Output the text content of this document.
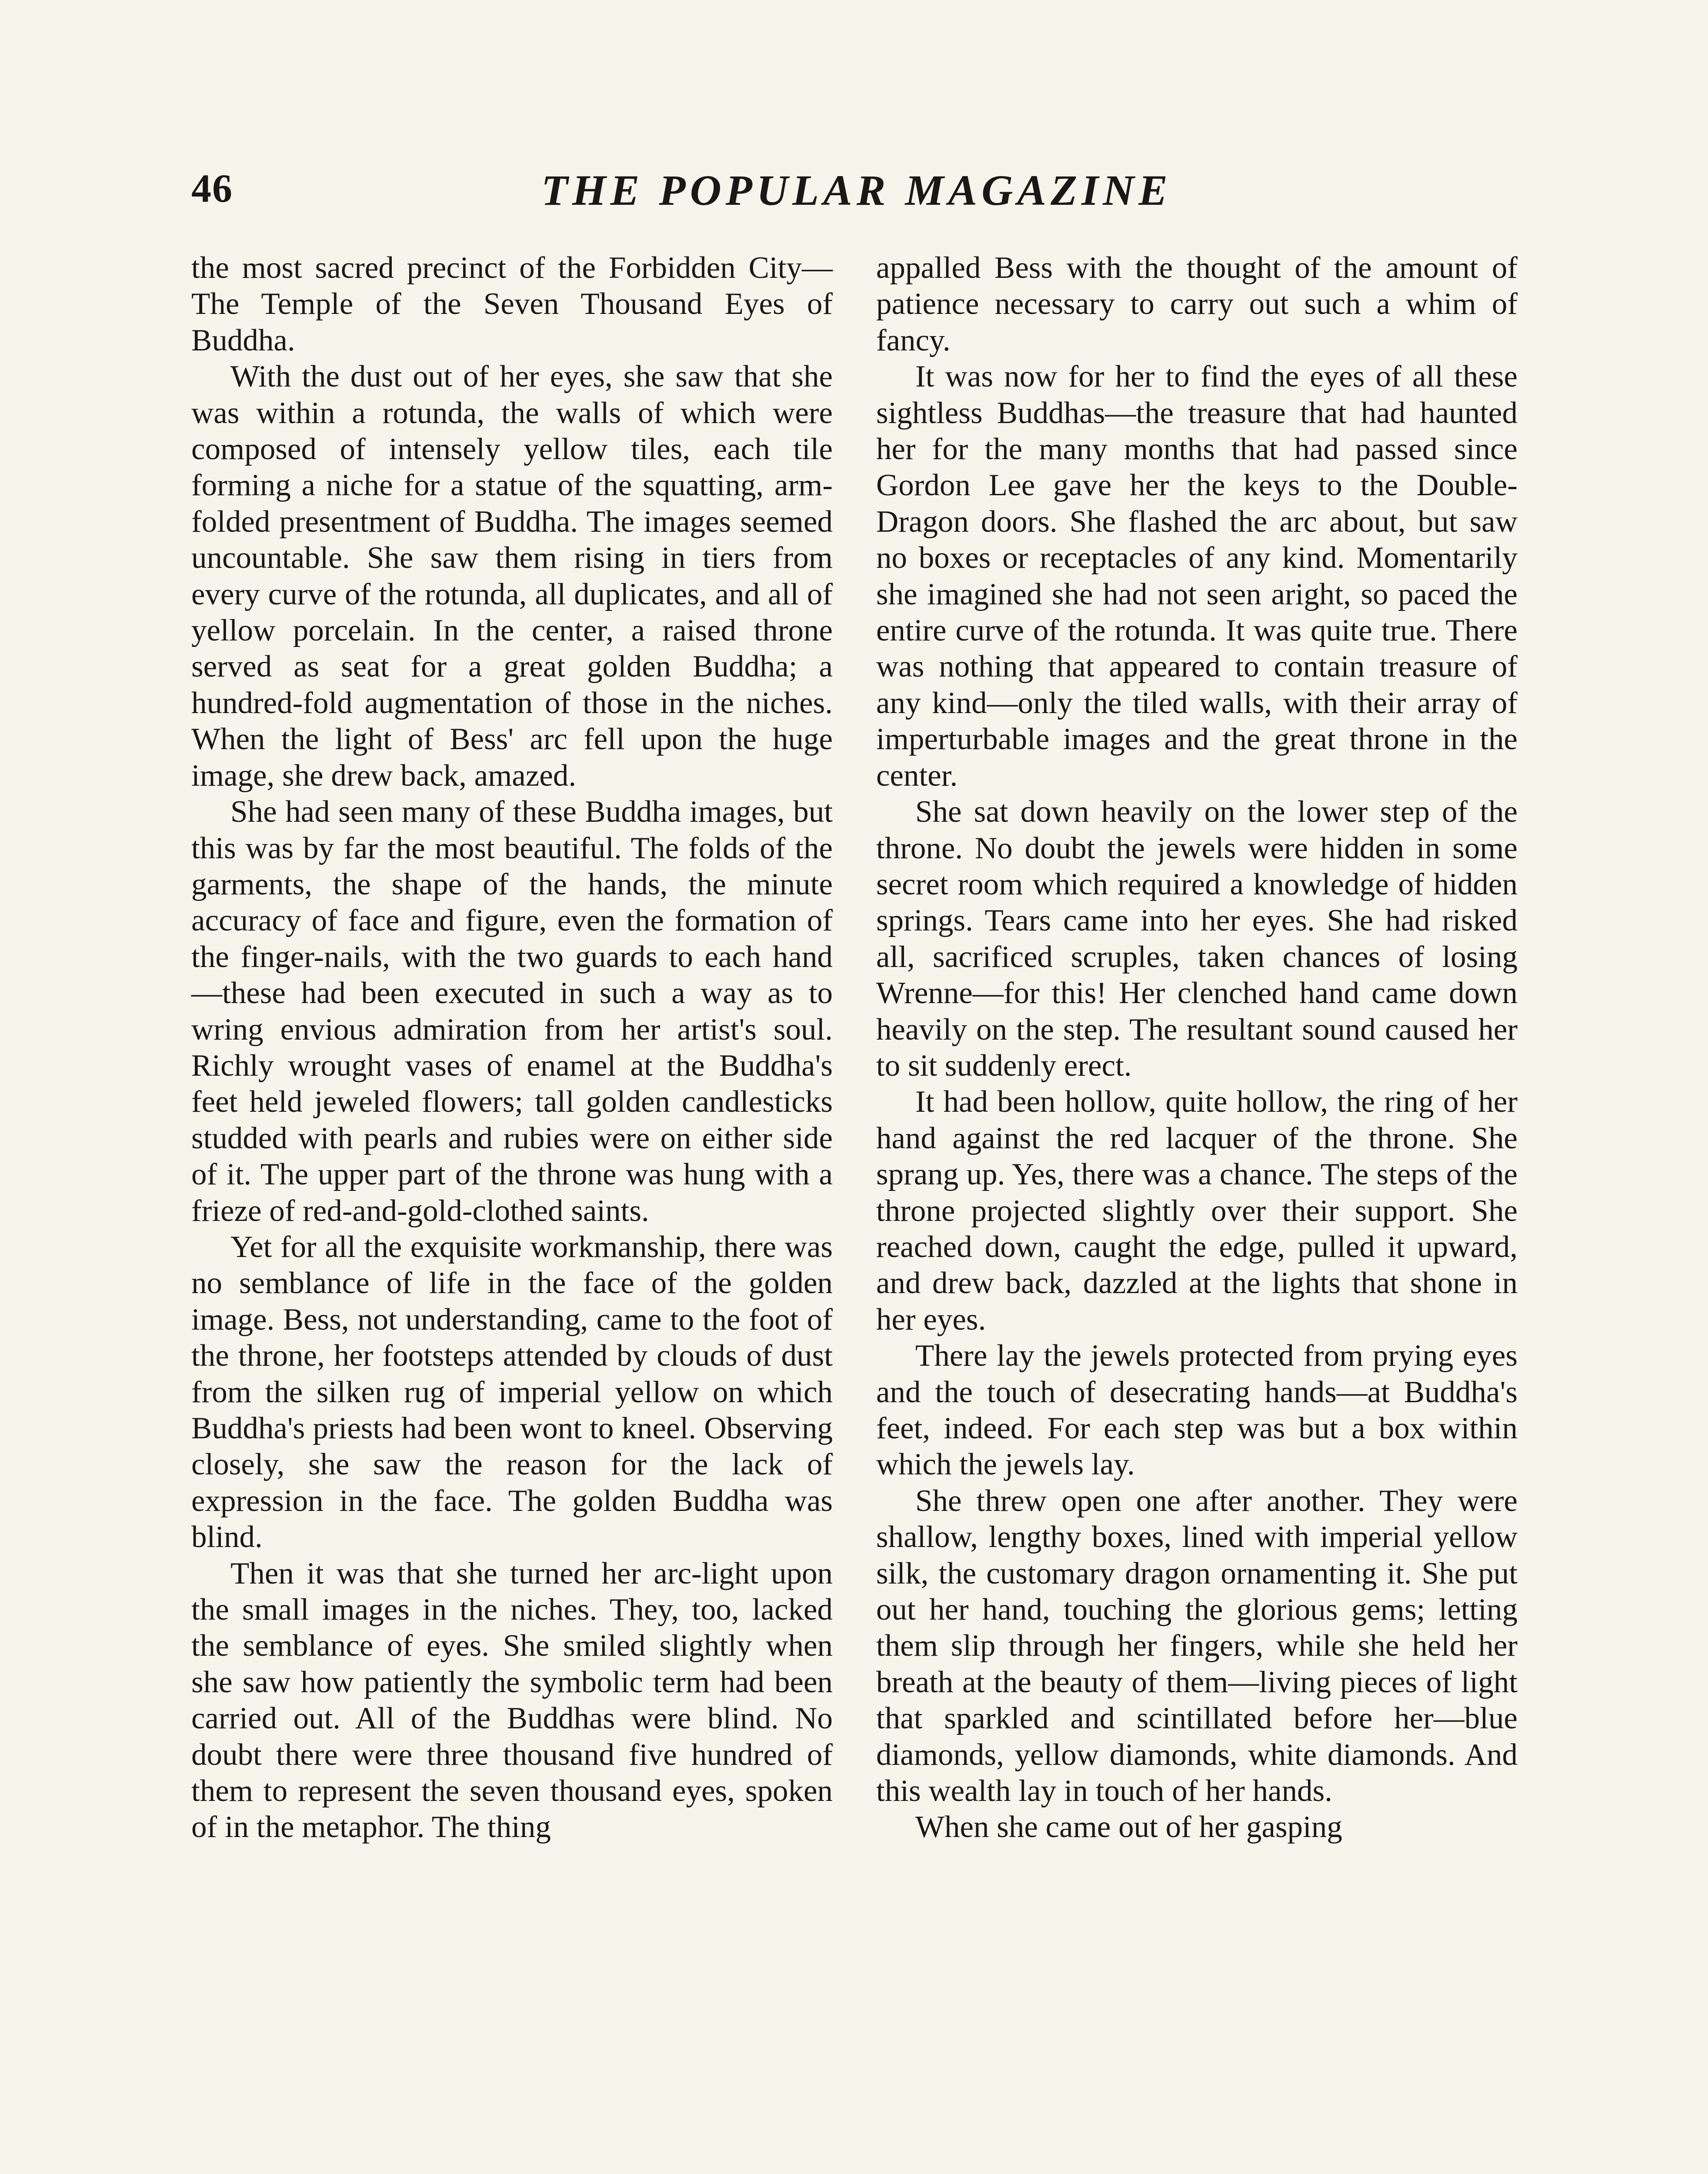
46	THE POPULAR MAGAZINE

the most sacred precinct of the Forbidden City—The Temple of the Seven Thousand Eyes of Buddha.

With the dust out of her eyes, she saw that she was within a rotunda, the walls of which were composed of intensely yellow tiles, each tile forming a niche for a statue of the squatting, arm-folded presentment of Buddha. The images seemed uncountable. She saw them rising in tiers from every curve of the rotunda, all duplicates, and all of yellow porcelain. In the center, a raised throne served as seat for a great golden Buddha; a hundred-fold augmentation of those in the niches. When the light of Bess' arc fell upon the huge image, she drew back, amazed.

She had seen many of these Buddha images, but this was by far the most beautiful. The folds of the garments, the shape of the hands, the minute accuracy of face and figure, even the formation of the finger-nails, with the two guards to each hand—these had been executed in such a way as to wring envious admiration from her artist's soul. Richly wrought vases of enamel at the Buddha's feet held jeweled flowers; tall golden candlesticks studded with pearls and rubies were on either side of it. The upper part of the throne was hung with a frieze of red-and-gold-clothed saints.

Yet for all the exquisite workmanship, there was no semblance of life in the face of the golden image. Bess, not understanding, came to the foot of the throne, her footsteps attended by clouds of dust from the silken rug of imperial yellow on which Buddha's priests had been wont to kneel. Observing closely, she saw the reason for the lack of expression in the face. The golden Buddha was blind.

Then it was that she turned her arc-light upon the small images in the niches. They, too, lacked the semblance of eyes. She smiled slightly when she saw how patiently the symbolic term had been carried out. All of the Buddhas were blind. No doubt there were three thousand five hundred of them to represent the seven thousand eyes, spoken of in the metaphor. The thing

appalled Bess with the thought of the amount of patience necessary to carry out such a whim of fancy.

It was now for her to find the eyes of all these sightless Buddhas—the treasure that had haunted her for the many months that had passed since Gordon Lee gave her the keys to the Double-Dragon doors. She flashed the arc about, but saw no boxes or receptacles of any kind. Momentarily she imagined she had not seen aright, so paced the entire curve of the rotunda. It was quite true. There was nothing that appeared to contain treasure of any kind—only the tiled walls, with their array of imperturbable images and the great throne in the center.

She sat down heavily on the lower step of the throne. No doubt the jewels were hidden in some secret room which required a knowledge of hidden springs. Tears came into her eyes. She had risked all, sacrificed scruples, taken chances of losing Wrenne—for this! Her clenched hand came down heavily on the step. The resultant sound caused her to sit suddenly erect.

It had been hollow, quite hollow, the ring of her hand against the red lacquer of the throne. She sprang up. Yes, there was a chance. The steps of the throne projected slightly over their support. She reached down, caught the edge, pulled it upward, and drew back, dazzled at the lights that shone in her eyes.

There lay the jewels protected from prying eyes and the touch of desecrating hands—at Buddha's feet, indeed. For each step was but a box within which the jewels lay.

She threw open one after another. They were shallow, lengthy boxes, lined with imperial yellow silk, the customary dragon ornamenting it. She put out her hand, touching the glorious gems; letting them slip through her fingers, while she held her breath at the beauty of them—living pieces of light that sparkled and scintillated before her—blue diamonds, yellow diamonds, white diamonds. And this wealth lay in touch of her hands.

When she came out of her gasping
